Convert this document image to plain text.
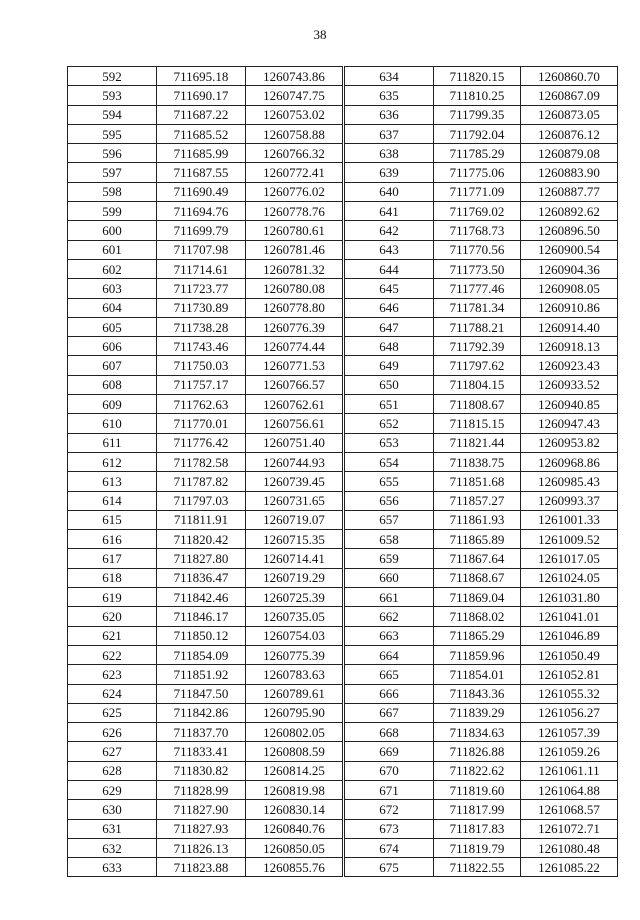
38
592	711695.18	1260743.86
593	711690.17	1260747.75
594	711687.22	1260753.02
595	711685.52	1260758.88
596	711685.99	1260766.32
597	711687.55	1260772.41
598	711690.49	1260776.02
599	711694.76	1260778.76
600	711699.79	1260780.61
601	711707.98	1260781.46
602	711714.61	1260781.32
603	711723.77	1260780.08
604	711730.89	1260778.80
605	711738.28	1260776.39
606	711743.46	1260774.44
607	711750.03	1260771.53
608	711757.17	1260766.57
609	711762.63	1260762.61
610	711770.01	1260756.61
611	711776.42	1260751.40
612	711782.58	1260744.93
613	711787.82	1260739.45
614	711797.03	1260731.65
615	711811.91	1260719.07
616	711820.42	1260715.35
617	711827.80	1260714.41
618	711836.47	1260719.29
619	711842.46	1260725.39
620	711846.17	1260735.05
621	711850.12	1260754.03
622	711854.09	1260775.39
623	711851.92	1260783.63
624	711847.50	1260789.61
625	711842.86	1260795.90
626	711837.70	1260802.05
627	711833.41	1260808.59
628	711830.82	1260814.25
629	711828.99	1260819.98
630	711827.90	1260830.14
631	711827.93	1260840.76
632	711826.13	1260850.05
633	711823.88	1260855.76
634	711820.15	1260860.70
635	711810.25	1260867.09
636	711799.35	1260873.05
637	711792.04	1260876.12
638	711785.29	1260879.08
639	711775.06	1260883.90
640	711771.09	1260887.77
641	711769.02	1260892.62
642	711768.73	1260896.50
643	711770.56	1260900.54
644	711773.50	1260904.36
645	711777.46	1260908.05
646	711781.34	1260910.86
647	711788.21	1260914.40
648	711792.39	1260918.13
649	711797.62	1260923.43
650	711804.15	1260933.52
651	711808.67	1260940.85
652	711815.15	1260947.43
653	711821.44	1260953.82
654	711838.75	1260968.86
655	711851.68	1260985.43
656	711857.27	1260993.37
657	711861.93	1261001.33
658	711865.89	1261009.52
659	711867.64	1261017.05
660	711868.67	1261024.05
661	711869.04	1261031.80
662	711868.02	1261041.01
663	711865.29	1261046.89
664	711859.96	1261050.49
665	711854.01	1261052.81
666	711843.36	1261055.32
667	711839.29	1261056.27
668	711834.63	1261057.39
669	711826.88	1261059.26
670	711822.62	1261061.11
671	711819.60	1261064.88
672	711817.99	1261068.57
673	711817.83	1261072.71
674	711819.79	1261080.48
675	711822.55	1261085.22
